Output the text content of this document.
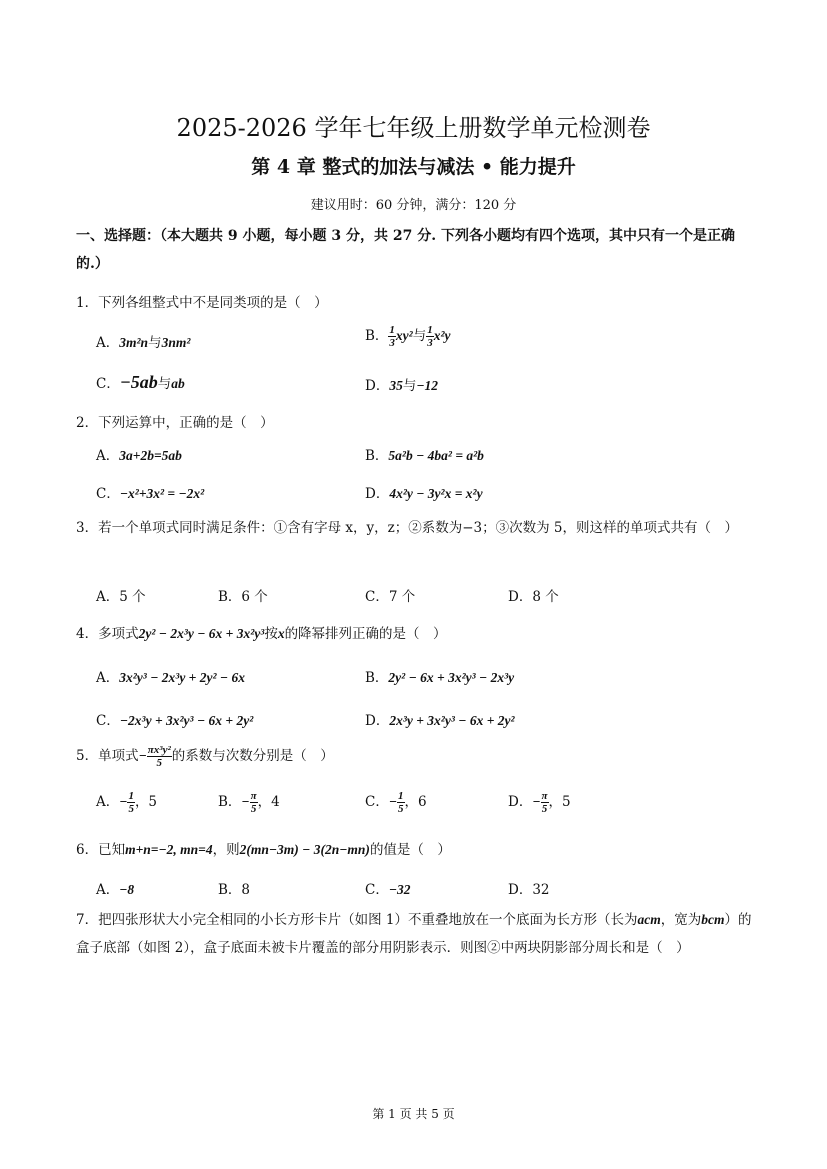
2025-2026 学年七年级上册数学单元检测卷
第 4 章 整式的加法与减法 • 能力提升
建议用时：60 分钟，满分：120 分
一、选择题：（本大题共 9 小题，每小题 3 分，共 27 分. 下列各小题均有四个选项，其中只有一个是正确的.）
1．下列各组整式中不是同类项的是（　）
A．3m²n与3nm²	B． $\frac{1}{3} xy^2$与 $\frac{1}{3} x^2y$
C．−5ab与ab	D．35与−12
2．下列运算中，正确的是（　）
A．3a+2b=5ab	B．5a²b − 4ba² = a²b
C．−x²+3x² = −2x²	D．4x²y − 3y²x = x²y
3．若一个单项式同时满足条件：①含有字母 x，y，z；②系数为−3；③次数为 5，则这样的单项式共有（　）
A．5 个	B．6 个	C．7 个	D．8 个
4．多项式2y² − 2x³y − 6x + 3x²y³按x的降幂排列正确的是（　）
A．3x²y³ − 2x³y + 2y² − 6x	B．2y² − 6x + 3x²y³ − 2x³y
C．−2x³y + 3x²y³ − 6x + 2y²	D．2x³y + 3x²y³ − 6x + 2y²
5．单项式− $\frac{\text{πx³y²}}{5}$ 的系数与次数分别是（　）
A．− $\frac{1}{5}$ ，5	B．− $\frac{\pi}{5}$ ，4	C．− $\frac{1}{5}$ ，6	D．− $\frac{\pi}{5}$ ，5
6．已知m+n=−2, mn=4，则2(mn−3m) − 3(2n−mn)的值是（　）
A．−8	B．8	C．−32	D．32
7．把四张形状大小完全相同的小长方形卡片（如图 1）不重叠地放在一个底面为长方形（长为acm，宽为bcm）的盒子底部（如图 2），盒子底面未被卡片覆盖的部分用阴影表示．则图②中两块阴影部分周长和是（　）
第 1 页 共 5 页
